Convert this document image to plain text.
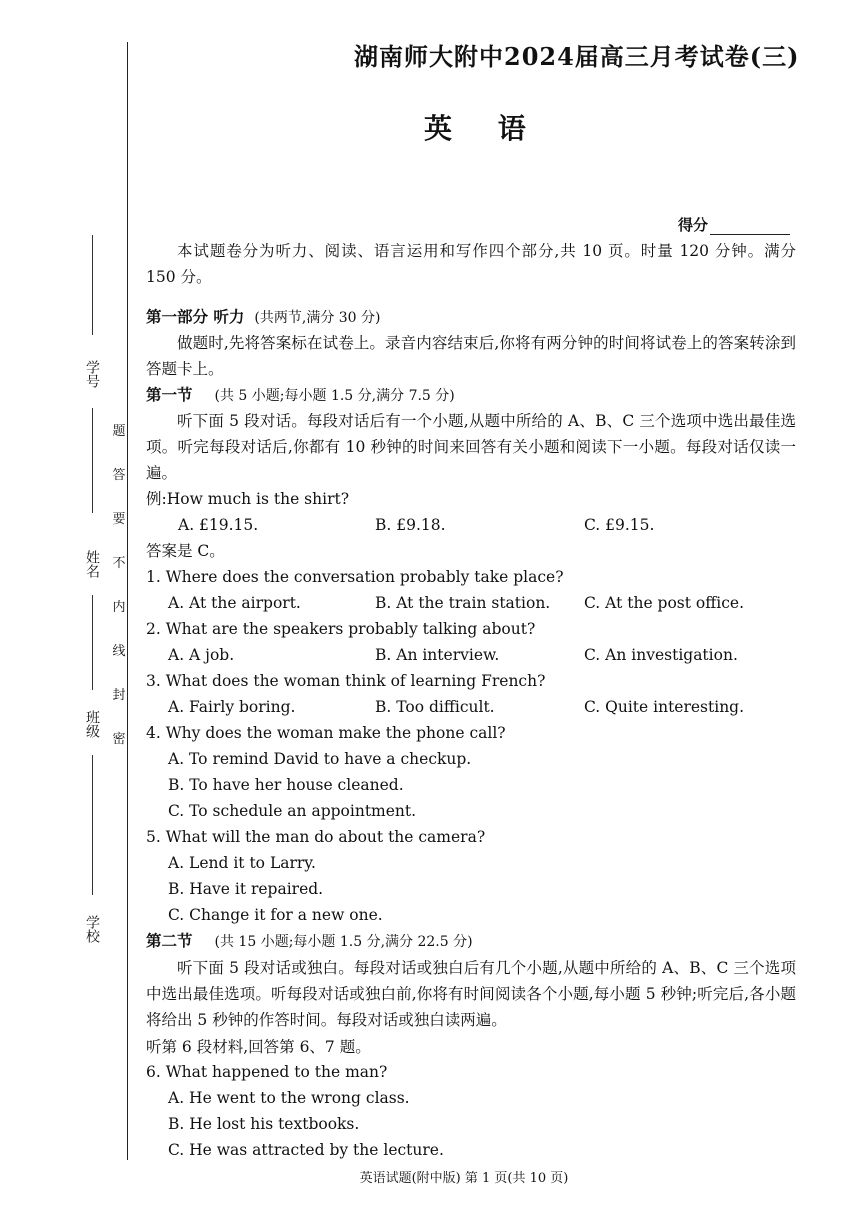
学号
姓名
班级
学校
题
答
要
不
内
线
封
密
湖南师大附中2024届高三月考试卷(三)
英 语
得分
本试题卷分为听力、阅读、语言运用和写作四个部分,共 10 页。时量 120 分钟。满分 150 分。
第一部分 听力 (共两节,满分 30 分)
做题时,先将答案标在试卷上。录音内容结束后,你将有两分钟的时间将试卷上的答案转涂到答题卡上。
第一节 (共 5 小题;每小题 1.5 分,满分 7.5 分)
听下面 5 段对话。每段对话后有一个小题,从题中所给的 A、B、C 三个选项中选出最佳选项。听完每段对话后,你都有 10 秒钟的时间来回答有关小题和阅读下一小题。每段对话仅读一遍。
例:How much is the shirt?
A. £19.15.	B. £9.18.	C. £9.15.
答案是 C。
1. Where does the conversation probably take place?
A. At the airport.	B. At the train station. C. At the post office.
2. What are the speakers probably talking about?
A. A job.	B. An interview.	C. An investigation.
3. What does the woman think of learning French?
A. Fairly boring.	B. Too difficult.	C. Quite interesting.
4. Why does the woman make the phone call?
A. To remind David to have a checkup.
B. To have her house cleaned.
C. To schedule an appointment.
5. What will the man do about the camera?
A. Lend it to Larry.
B. Have it repaired.
C. Change it for a new one.
第二节 (共 15 小题;每小题 1.5 分,满分 22.5 分)
听下面 5 段对话或独白。每段对话或独白后有几个小题,从题中所给的 A、B、C 三个选项中选出最佳选项。听每段对话或独白前,你将有时间阅读各个小题,每小题 5 秒钟;听完后,各小题将给出 5 秒钟的作答时间。每段对话或独白读两遍。
听第 6 段材料,回答第 6、7 题。
6. What happened to the man?
A. He went to the wrong class.
B. He lost his textbooks.
C. He was attracted by the lecture.
英语试题(附中版) 第 1 页(共 10 页)
